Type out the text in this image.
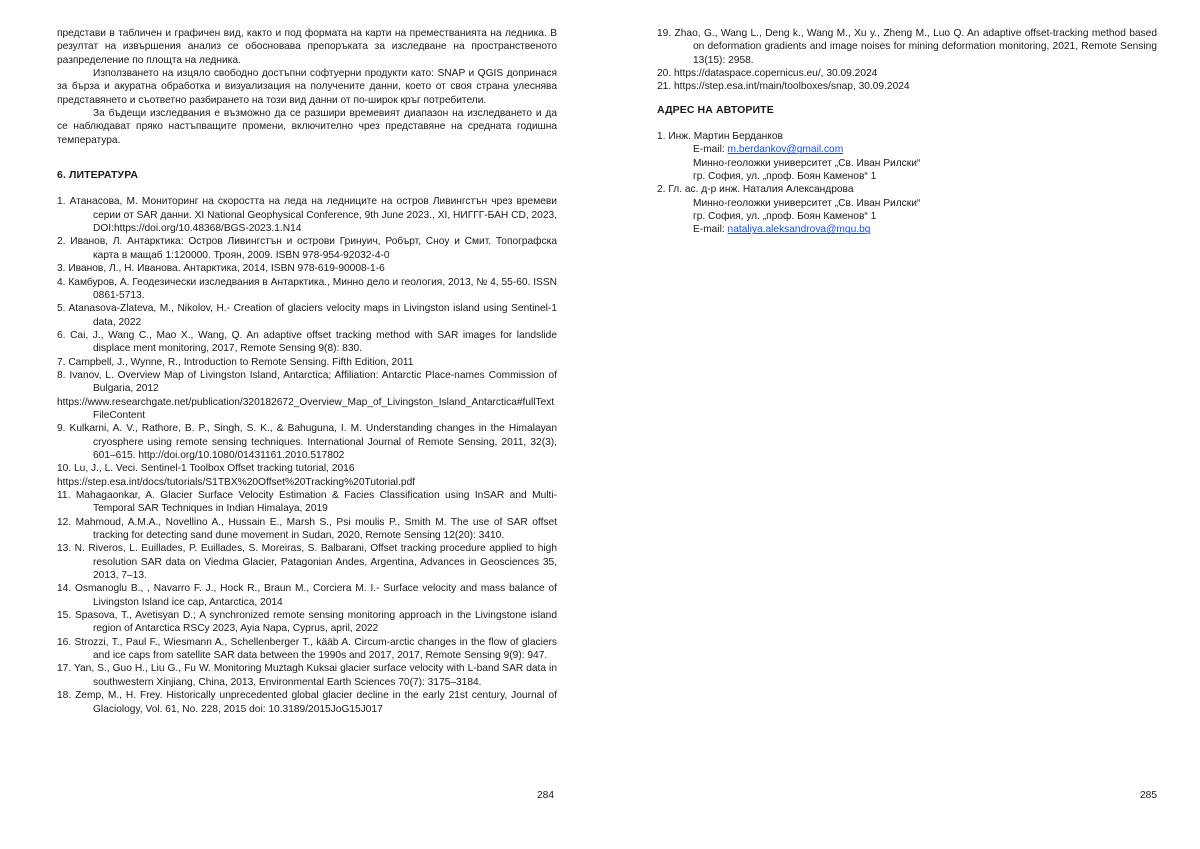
представи в табличен и графичен вид, както и под формата на карти на преместванията на ледника. В резултат на извършения анализ се обосновава препоръката за изследване на пространственото разпределение по площта на ледника.

Използването на изцяло свободно достъпни софтуерни продукти като: SNAP и QGIS допринася за бърза и акуратна обработка и визуализация на получените данни, което от своя страна улеснява представянето и съответно разбирането на този вид данни от по-широк кръг потребители.

За бъдещи изследвания е възможно да се разшири времевият диапазон на изследването и да се наблюдават пряко настъпващите промени, включително чрез представяне на средната годишна температура.

6. ЛИТЕРАТУРА
1. Атанасова, М. Мониторинг на скоростта на леда на ледниците на остров Ливингстън чрез времеви серии от SAR данни. XI National Geophysical Conference, 9th June 2023., XI, НИГГГ-БАН CD, 2023, DOI:https://doi.org/10.48368/BGS-2023.1.N14
2. Иванов, Л. Антарктика: Остров Ливингстън и острови Гринуич, Робърт, Сноу и Смит. Топографска карта в мащаб 1:120000. Троян, 2009. ISBN 978-954-92032-4-0
3. Иванов, Л., Н. Иванова. Антарктика, 2014, ISBN 978-619-90008-1-6
4. Камбуров, А. Геодезически изследвания в Антарктика., Минно дело и геология, 2013, № 4, 55-60. ISSN 0861-5713.
5. Atanasova-Zlateva, M., Nikolov, H.- Creation of glaciers velocity maps in Livingston island using Sentinel-1 data, 2022
6. Cai, J., Wang C., Mao X., Wang, Q. An adaptive offset tracking method with SAR images for landslide displace ment monitoring, 2017, Remote Sensing 9(8): 830.
7. Campbell, J., Wynne, R., Introduction to Remote Sensing. Fifth Edition, 2011
8. Ivanov, L. Overview Map of Livingston Island, Antarctica; Affiliation: Antarctic Place-names Commission of Bulgaria, 2012
https://www.researchgate.net/publication/320182672_Overview_Map_of_Livingston_Island_Antarctica#fullTextFileContent
9. Kulkarni, A. V., Rathore, B. P., Singh, S. K., & Bahuguna, I. M. Understanding changes in the Himalayan cryosphere using remote sensing techniques. International Journal of Remote Sensing, 2011, 32(3), 601–615. http://doi.org/10.1080/01431161.2010.517802
10. Lu, J., L. Veci. Sentinel-1 Toolbox Offset tracking tutorial, 2016
https://step.esa.int/docs/tutorials/S1TBX%20Offset%20Tracking%20Tutorial.pdf
11. Mahagaonkar, A. Glacier Surface Velocity Estimation & Facies Classification using InSAR and Multi-Temporal SAR Techniques in Indian Himalaya, 2019
12. Mahmoud, A.M.A., Novellino A., Hussain E., Marsh S., Psi moulis P., Smith M. The use of SAR offset tracking for detecting sand dune movement in Sudan, 2020, Remote Sensing 12(20): 3410.
13. N. Riveros, L. Euillades, P. Euillades, S. Moreiras, S. Balbarani, Offset tracking procedure applied to high resolution SAR data on Viedma Glacier, Patagonian Andes, Argentina, Advances in Geosciences 35, 2013, 7–13.
14. Osmanoglu B., , Navarro F. J., Hock R., Braun M., Corciera M. I.- Surface velocity and mass balance of Livingston Island ice cap, Antarctica, 2014
15. Spasova, T., Avetisyan D.; A synchronized remote sensing monitoring approach in the Livingstone island region of Antarctica RSCy 2023, Ayia Napa, Cyprus, april, 2022
16. Strozzi, T., Paul F., Wiesmann A., Schellenberger T., kääb A. Circum-arctic changes in the flow of glaciers and ice caps from satellite SAR data between the 1990s and 2017, 2017, Remote Sensing 9(9): 947.
17. Yan, S., Guo H., Liu G., Fu W. Monitoring Muztagh Kuksai glacier surface velocity with L-band SAR data in southwestern Xinjiang, China, 2013, Environmental Earth Sciences 70(7): 3175–3184.
18. Zemp, M., H. Frey. Historically unprecedented global glacier decline in the early 21st century, Journal of Glaciology, Vol. 61, No. 228, 2015 doi: 10.3189/2015JoG15J017
284
19. Zhao, G., Wang L., Deng k., Wang M., Xu y., Zheng M., Luo Q. An adaptive offset-tracking method based on deformation gradients and image noises for mining deformation monitoring, 2021, Remote Sensing 13(15): 2958.
20. https://dataspace.copernicus.eu/, 30.09.2024
21. https://step.esa.int/main/toolboxes/snap, 30.09.2024
АДРЕС НА АВТОРИТЕ
1. Инж. Мартин Берданков
E-mail: m.berdankov@gmail.com
Минно-геоложки университет „Св. Иван Рилски“
гр. София, ул. „проф. Боян Каменов“ 1
2. Гл. ас. д-р инж. Наталия Александрова
Минно-геоложки университет „Св. Иван Рилски“
гр. София, ул. „проф. Боян Каменов“ 1
E-mail: nataliya.aleksandrova@mgu.bg
285
